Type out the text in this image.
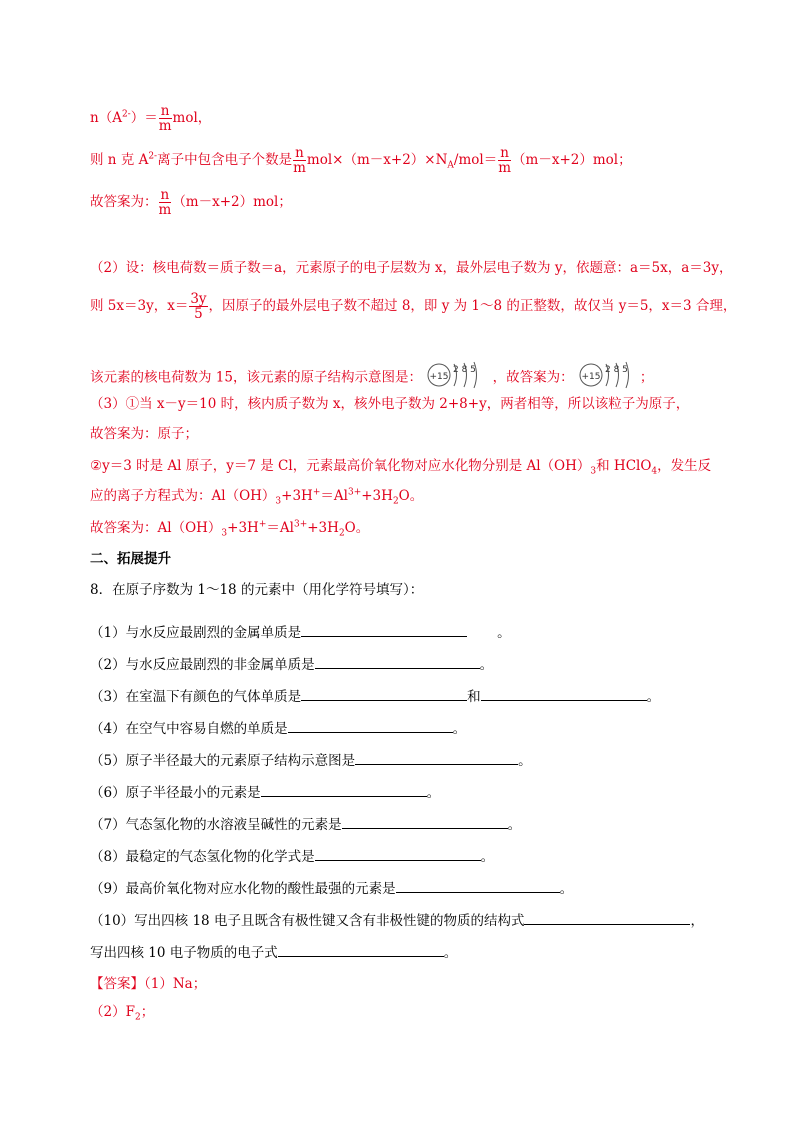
$n(A^{2-})= \frac{n}{m}$ mol，
则 n 克 $A^{2-}$离子中包含电子个数是 $\frac{n}{m} mol\times(m-x+2)\times N_A/mol= \frac{n}{m} (m-x+2)mol$；
故答案为： $\frac{n}{m} (m-x+2)mol$；
（2）设：核电荷数＝质子数＝a，元素原子的电子层数为 x，最外层电子数为 y，依题意：a＝5x，a＝3y，
则 5x＝3y，$x= \frac{3y}{5}$ ，因原子的最外层电子数不超过 8，即 y 为 1～8 的正整数，故仅当 y＝5，x＝3 合理，
该元素的核电荷数为 15，该元素的原子结构示意图是： +15
2 8 5 ，故答案为： +15
2 8 5 ；
（3）①当 x－y＝10 时，核内质子数为 x，核外电子数为 2+8+y，两者相等，所以该粒子为原子，
故答案为：原子；
②y＝3 时是 Al 原子，y＝7 是 Cl，元素最高价氧化物对应水化物分别是 $Al(OH)_3$和 HClO$_4$，发生反
应的离子方程式为：$Al(OH)_3+3H^+=Al^{3+}+3H_2O$。
故答案为：$Al(OH)_3+3H^+=Al^{3+}+3H_2O$。
二、拓展提升
8．在原子序数为 1～18 的元素中（用化学符号填写）：
（1）与水反应最剧烈的金属单质是	。
（2）与水反应最剧烈的非金属单质是	。
（3）在室温下有颜色的气体单质是	和	。
（4）在空气中容易自燃的单质是	。
（5）原子半径最大的元素原子结构示意图是	。
（6）原子半径最小的元素是	。
（7）气态氢化物的水溶液呈碱性的元素是	。
（8）最稳定的气态氢化物的化学式是	。
（9）最高价氧化物对应水化物的酸性最强的元素是	。
（10）写出四核 18 电子且既含有极性键又含有非极性键的物质的结构式	，
写出四核 10 电子物质的电子式	。
【答案】（1）Na；
$(2)F_2$；
